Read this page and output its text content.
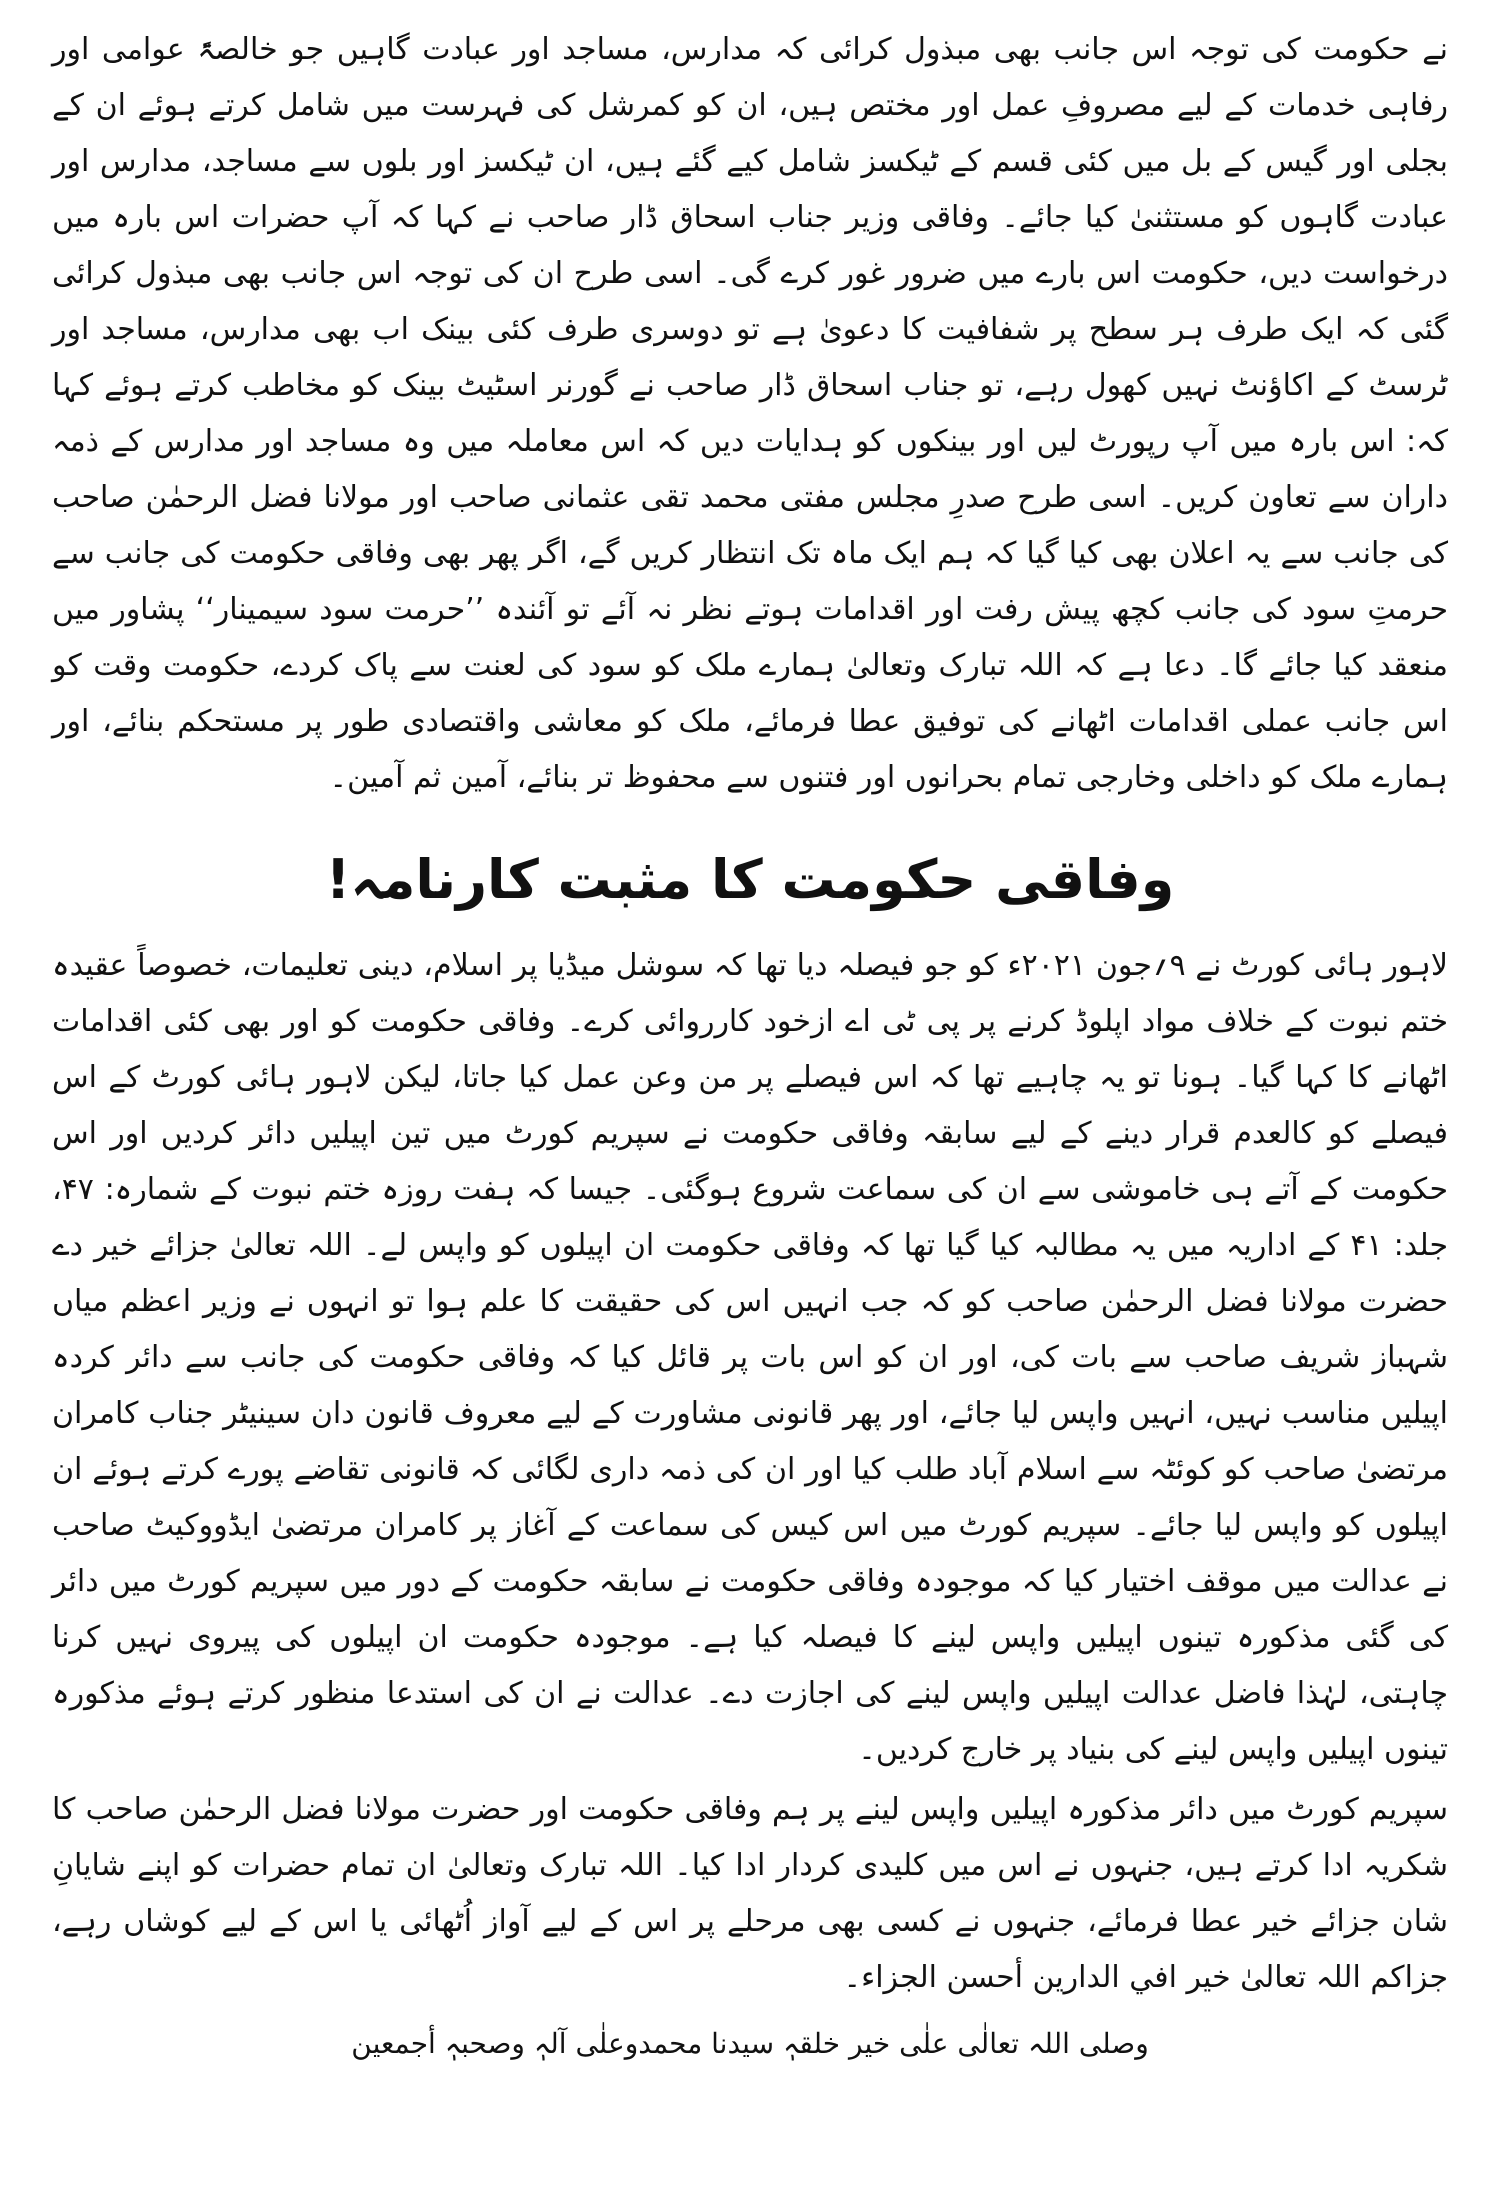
نے حکومت کی توجہ اس جانب بھی مبذول کرائی کہ مدارس، مساجد اور عبادت گاہیں جو خالصۃً عوامی اور رفاہی خدمات کے لیے مصروفِ عمل اور مختص ہیں، ان کو کمرشل کی فہرست میں شامل کرتے ہوئے ان کے بجلی اور گیس کے بل میں کئی قسم کے ٹیکسز شامل کیے گئے ہیں، ان ٹیکسز اور بلوں سے مساجد، مدارس اور عبادت گاہوں کو مستثنیٰ کیا جائے۔ وفاقی وزیر جناب اسحاق ڈار صاحب نے کہا کہ آپ حضرات اس بارہ میں درخواست دیں، حکومت اس بارے میں ضرور غور کرے گی۔ اسی طرح ان کی توجہ اس جانب بھی مبذول کرائی گئی کہ ایک طرف ہر سطح پر شفافیت کا دعویٰ ہے تو دوسری طرف کئی بینک اب بھی مدارس، مساجد اور ٹرسٹ کے اکاؤنٹ نہیں کھول رہے، تو جناب اسحاق ڈار صاحب نے گورنر اسٹیٹ بینک کو مخاطب کرتے ہوئے کہا کہ: اس بارہ میں آپ رپورٹ لیں اور بینکوں کو ہدایات دیں کہ اس معاملہ میں وہ مساجد اور مدارس کے ذمہ داران سے تعاون کریں۔ اسی طرح صدرِ مجلس مفتی محمد تقی عثمانی صاحب اور مولانا فضل الرحمٰن صاحب کی جانب سے یہ اعلان بھی کیا گیا کہ ہم ایک ماہ تک انتظار کریں گے، اگر پھر بھی وفاقی حکومت کی جانب سے حرمتِ سود کی جانب کچھ پیش رفت اور اقدامات ہوتے نظر نہ آئے تو آئندہ ’’حرمت سود سیمینار‘‘ پشاور میں منعقد کیا جائے گا۔ دعا ہے کہ اللہ تبارک وتعالیٰ ہمارے ملک کو سود کی لعنت سے پاک کردے، حکومت وقت کو اس جانب عملی اقدامات اٹھانے کی توفیق عطا فرمائے، ملک کو معاشی واقتصادی طور پر مستحکم بنائے، اور ہمارے ملک کو داخلی وخارجی تمام بحرانوں اور فتنوں سے محفوظ تر بنائے، آمین ثم آمین۔

وفاقی حکومت کا مثبت کارنامہ!

لاہور ہائی کورٹ نے ۹؍جون ۲۰۲۱ء کو جو فیصلہ دیا تھا کہ سوشل میڈیا پر اسلام، دینی تعلیمات، خصوصاً عقیدہ ختم نبوت کے خلاف مواد اپلوڈ کرنے پر پی ٹی اے ازخود کارروائی کرے۔ وفاقی حکومت کو اور بھی کئی اقدامات اٹھانے کا کہا گیا۔ ہونا تو یہ چاہیے تھا کہ اس فیصلے پر من وعن عمل کیا جاتا، لیکن لاہور ہائی کورٹ کے اس فیصلے کو کالعدم قرار دینے کے لیے سابقہ وفاقی حکومت نے سپریم کورٹ میں تین اپیلیں دائر کردیں اور اس حکومت کے آتے ہی خاموشی سے ان کی سماعت شروع ہوگئی۔ جیسا کہ ہفت روزہ ختم نبوت کے شمارہ: ۴۷، جلد: ۴۱ کے اداریہ میں یہ مطالبہ کیا گیا تھا کہ وفاقی حکومت ان اپیلوں کو واپس لے۔ اللہ تعالیٰ جزائے خیر دے حضرت مولانا فضل الرحمٰن صاحب کو کہ جب انہیں اس کی حقیقت کا علم ہوا تو انہوں نے وزیر اعظم میاں شہباز شریف صاحب سے بات کی، اور ان کو اس بات پر قائل کیا کہ وفاقی حکومت کی جانب سے دائر کردہ اپیلیں مناسب نہیں، انہیں واپس لیا جائے، اور پھر قانونی مشاورت کے لیے معروف قانون دان سینیٹر جناب کامران مرتضیٰ صاحب کو کوئٹہ سے اسلام آباد طلب کیا اور ان کی ذمہ داری لگائی کہ قانونی تقاضے پورے کرتے ہوئے ان اپیلوں کو واپس لیا جائے۔ سپریم کورٹ میں اس کیس کی سماعت کے آغاز پر کامران مرتضیٰ ایڈووکیٹ صاحب نے عدالت میں موقف اختیار کیا کہ موجودہ وفاقی حکومت نے سابقہ حکومت کے دور میں سپریم کورٹ میں دائر کی گئی مذکورہ تینوں اپیلیں واپس لینے کا فیصلہ کیا ہے۔ موجودہ حکومت ان اپیلوں کی پیروی نہیں کرنا چاہتی، لہٰذا فاضل عدالت اپیلیں واپس لینے کی اجازت دے۔ عدالت نے ان کی استدعا منظور کرتے ہوئے مذکورہ تینوں اپیلیں واپس لینے کی بنیاد پر خارج کردیں۔

سپریم کورٹ میں دائر مذکورہ اپیلیں واپس لینے پر ہم وفاقی حکومت اور حضرت مولانا فضل الرحمٰن صاحب کا شکریہ ادا کرتے ہیں، جنہوں نے اس میں کلیدی کردار ادا کیا۔ اللہ تبارک وتعالیٰ ان تمام حضرات کو اپنے شایانِ شان جزائے خیر عطا فرمائے، جنہوں نے کسی بھی مرحلے پر اس کے لیے آواز اُٹھائی یا اس کے لیے کوشاں رہے، جزاکم اللہ تعالیٰ خیر افي الدارین أحسن الجزاء۔

وصلی اللہ تعالٰی علٰی خیر خلقہٖ سیدنا محمدوعلٰی آلہٖ وصحبہٖ أجمعین
